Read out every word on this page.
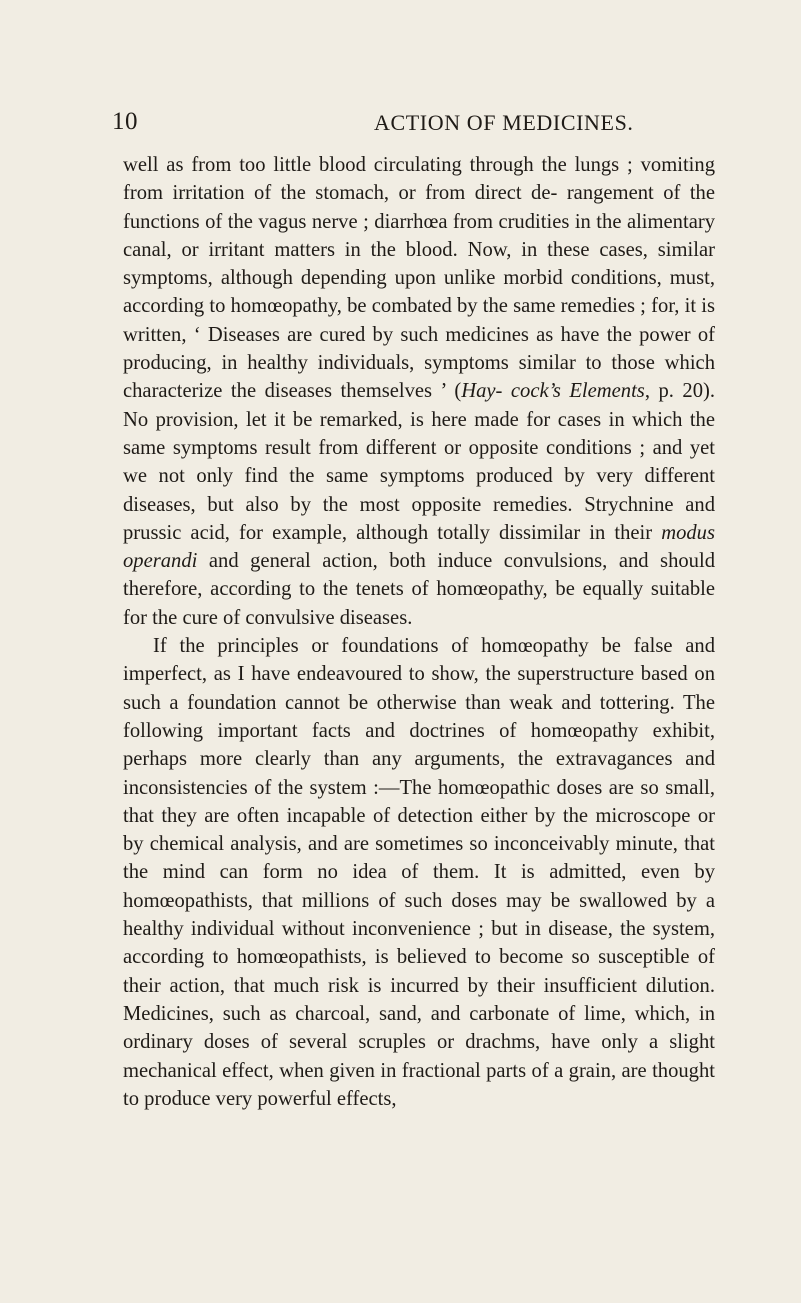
10	ACTION OF MEDICINES.

well as from too little blood circulating through the lungs ; vomiting from irritation of the stomach, or from direct de- rangement of the functions of the vagus nerve ; diarrhœa from crudities in the alimentary canal, or irritant matters in the blood. Now, in these cases, similar symptoms, although depending upon unlike morbid conditions, must, according to homœopathy, be combated by the same remedies ; for, it is written, ‘ Diseases are cured by such medicines as have the power of producing, in healthy individuals, symptoms similar to those which characterize the diseases themselves ’ (Hay- cock’s Elements, p. 20). No provision, let it be remarked, is here made for cases in which the same symptoms result from different or opposite conditions ; and yet we not only find the same symptoms produced by very different diseases, but also by the most opposite remedies. Strychnine and prussic acid, for example, although totally dissimilar in their modus operandi and general action, both induce convulsions, and should therefore, according to the tenets of homœopathy, be equally suitable for the cure of convulsive diseases.

If the principles or foundations of homœopathy be false and imperfect, as I have endeavoured to show, the superstructure based on such a foundation cannot be otherwise than weak and tottering. The following important facts and doctrines of homœopathy exhibit, perhaps more clearly than any arguments, the extravagances and inconsistencies of the system :—The homœopathic doses are so small, that they are often incapable of detection either by the microscope or by chemical analysis, and are sometimes so inconceivably minute, that the mind can form no idea of them. It is admitted, even by homœopathists, that millions of such doses may be swallowed by a healthy individual without inconvenience ; but in disease, the system, according to homœopathists, is believed to become so susceptible of their action, that much risk is incurred by their insufficient dilution. Medicines, such as charcoal, sand, and carbonate of lime, which, in ordinary doses of several scruples or drachms, have only a slight mechanical effect, when given in fractional parts of a grain, are thought to produce very powerful effects,
